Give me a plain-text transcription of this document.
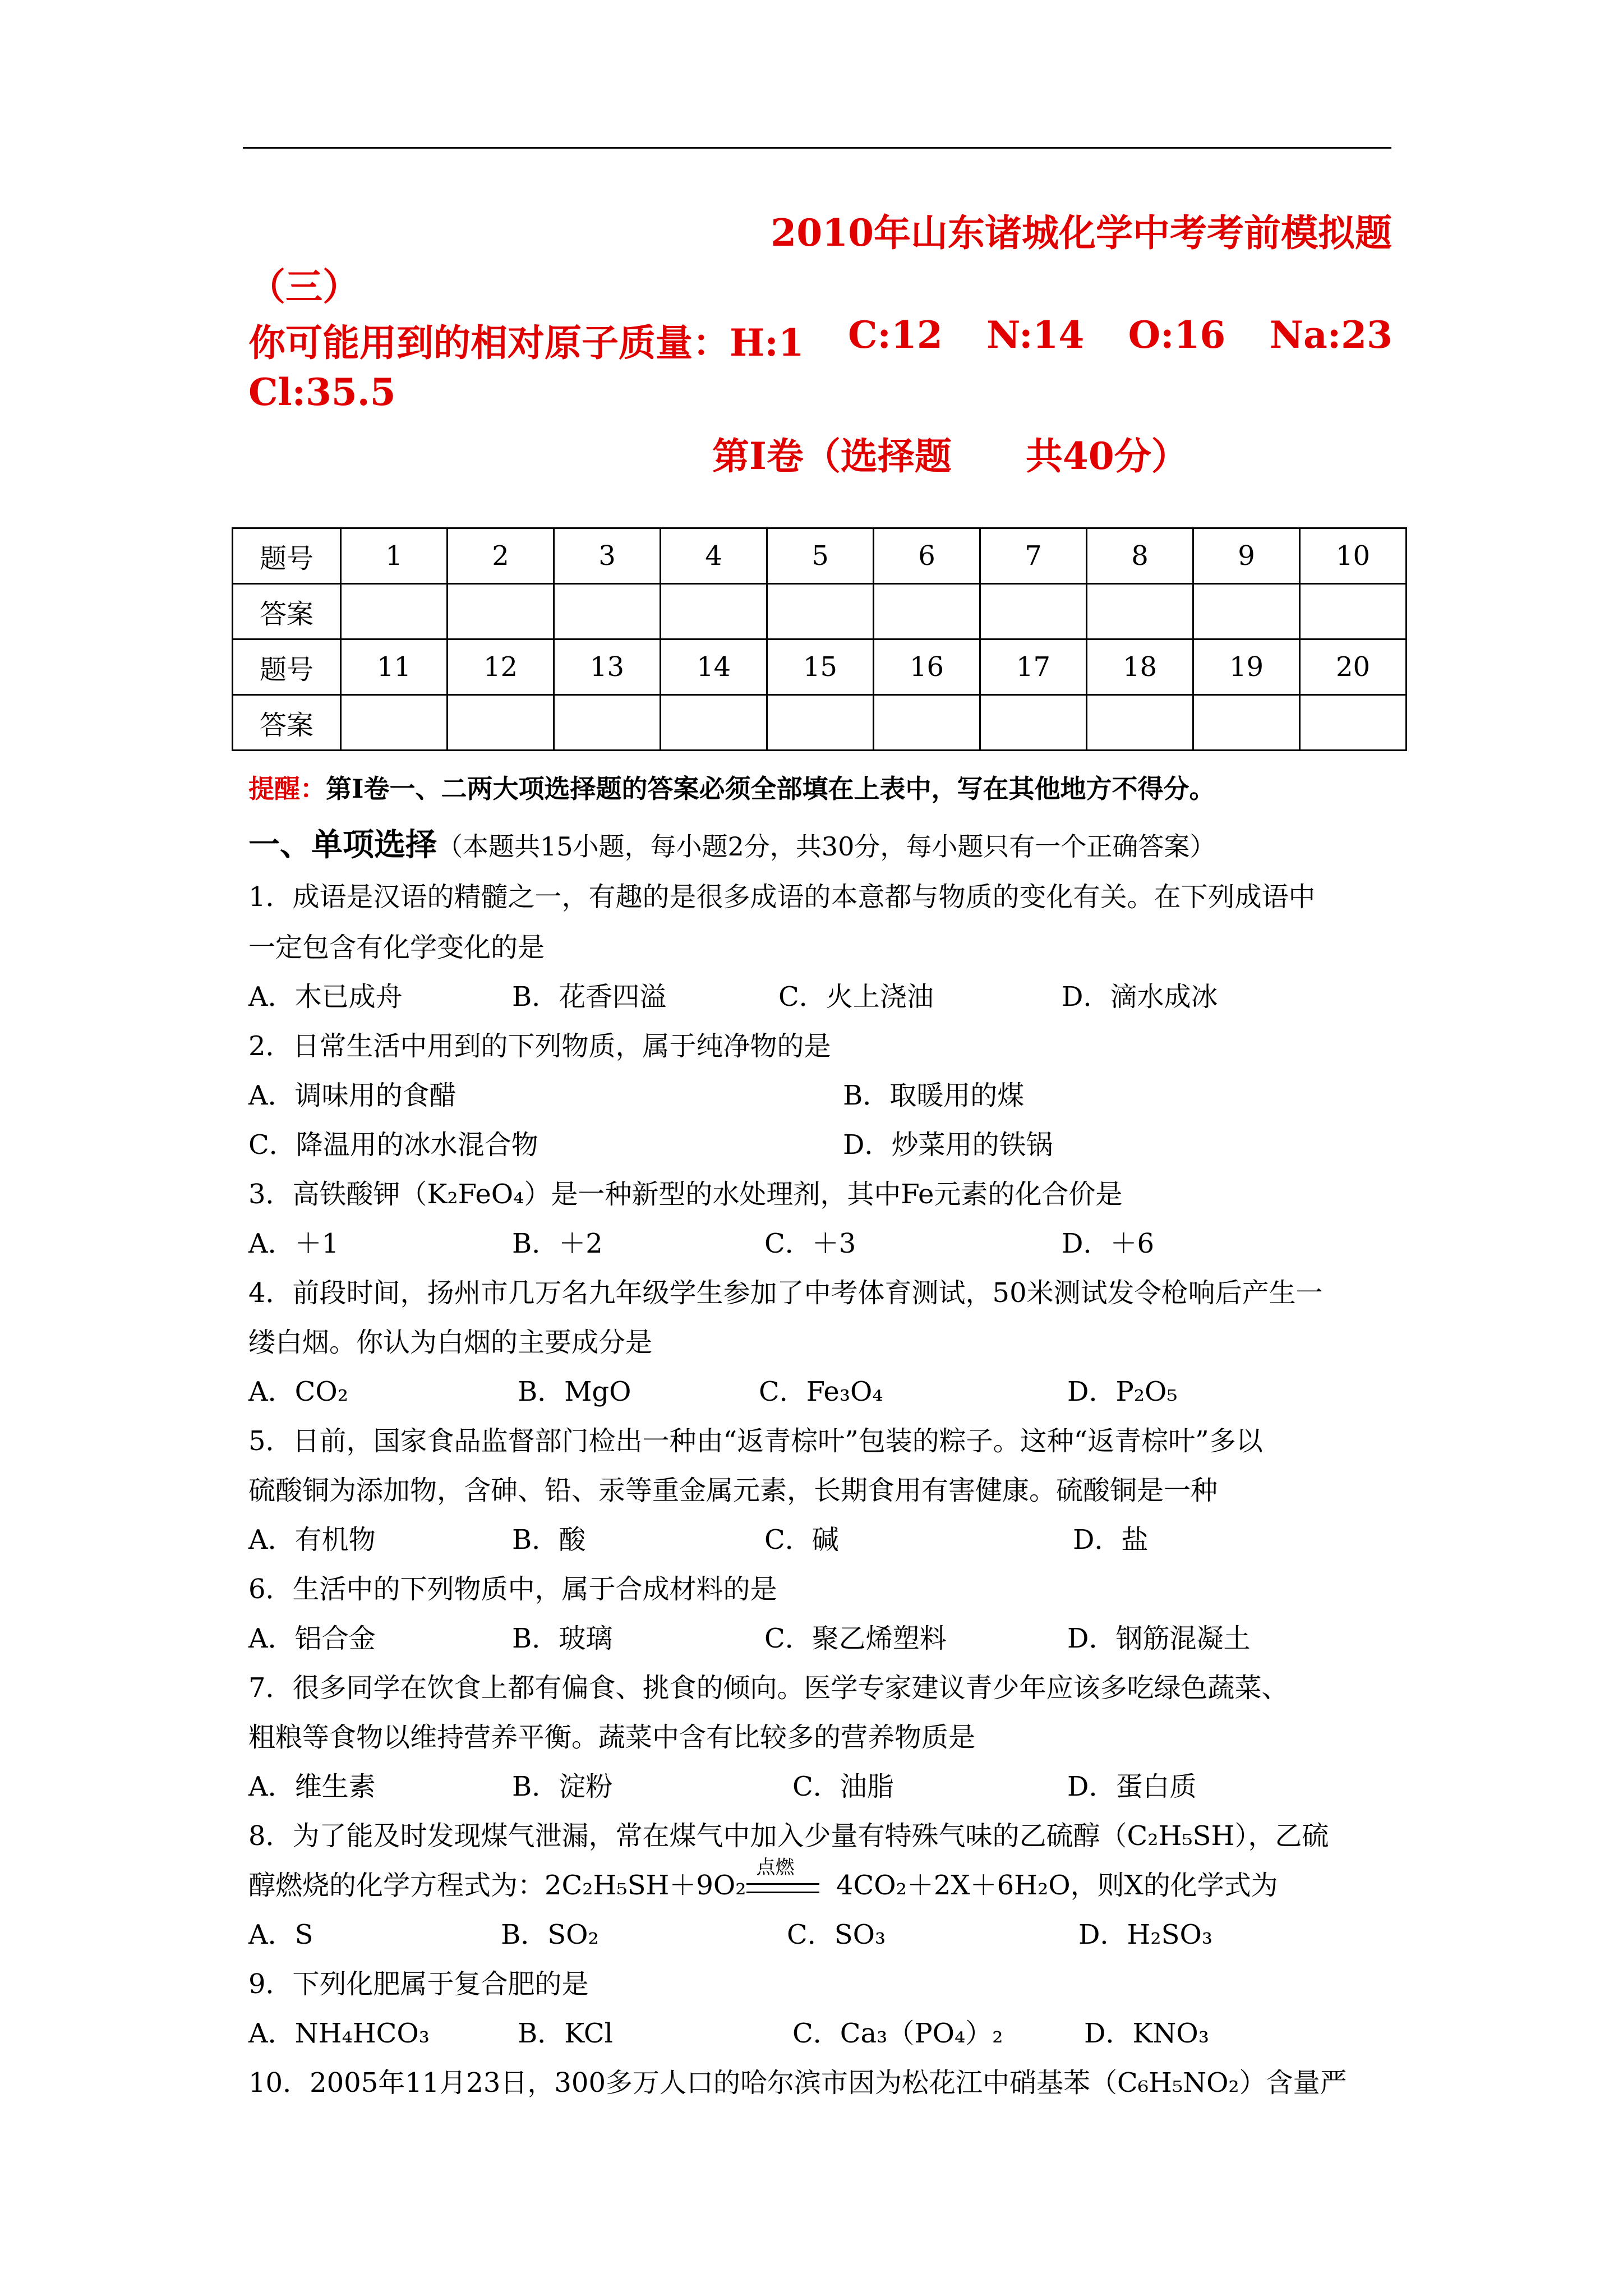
2010年山东诸城化学中考考前模拟题
（三）
你可能用到的相对原子质量：H:1 C:12 N:14 O:16 Na:23
Cl:35.5
第Ⅰ卷（选择题　　共40分）
题号	1	2	3	4	5	6	7	8	9	10
答案										
题号	11	12	13	14	15	16	17	18	19	20
答案										
提醒：第Ⅰ卷一、二两大项选择题的答案必须全部填在上表中，写在其他地方不得分。
一、单项选择（本题共15小题，每小题2分，共30分，每小题只有一个正确答案）
1．成语是汉语的精髓之一，有趣的是很多成语的本意都与物质的变化有关。在下列成语中
一定包含有化学变化的是
A．木已成舟	B．花香四溢	C．火上浇油	D．滴水成冰
2．日常生活中用到的下列物质，属于纯净物的是
A．调味用的食醋	B．取暖用的煤
C．降温用的冰水混合物	D．炒菜用的铁锅
3．高铁酸钾（K₂FeO₄）是一种新型的水处理剂，其中Fe元素的化合价是
A．＋1	B．＋2	C．＋3	D．＋6
4．前段时间，扬州市几万名九年级学生参加了中考体育测试，50米测试发令枪响后产生一
缕白烟。你认为白烟的主要成分是
A．CO₂	B．MgO	C．Fe₃O₄	D．P₂O₅
5．日前，国家食品监督部门检出一种由“返青棕叶”包装的粽子。这种“返青棕叶”多以
硫酸铜为添加物，含砷、铅、汞等重金属元素，长期食用有害健康。硫酸铜是一种
A．有机物	B．酸	C．碱	D．盐
6．生活中的下列物质中，属于合成材料的是
A．铝合金	B．玻璃	C．聚乙烯塑料	D．钢筋混凝土
7．很多同学在饮食上都有偏食、挑食的倾向。医学专家建议青少年应该多吃绿色蔬菜、
粗粮等食物以维持营养平衡。蔬菜中含有比较多的营养物质是
A．维生素	B．淀粉	C．油脂	D．蛋白质
8．为了能及时发现煤气泄漏，常在煤气中加入少量有特殊气味的乙硫醇（C₂H₅SH），乙硫
醇燃烧的化学方程式为：2C₂H₅SH＋9O₂
点燃
4CO₂＋2X＋6H₂O，则X的化学式为
A．S	B．SO₂	C．SO₃	D．H₂SO₃
9．下列化肥属于复合肥的是
A．NH₄HCO₃	B．KCl	C．Ca₃（PO₄）₂	D．KNO₃
10．2005年11月23日，300多万人口的哈尔滨市因为松花江中硝基苯（C₆H₅NO₂）含量严
